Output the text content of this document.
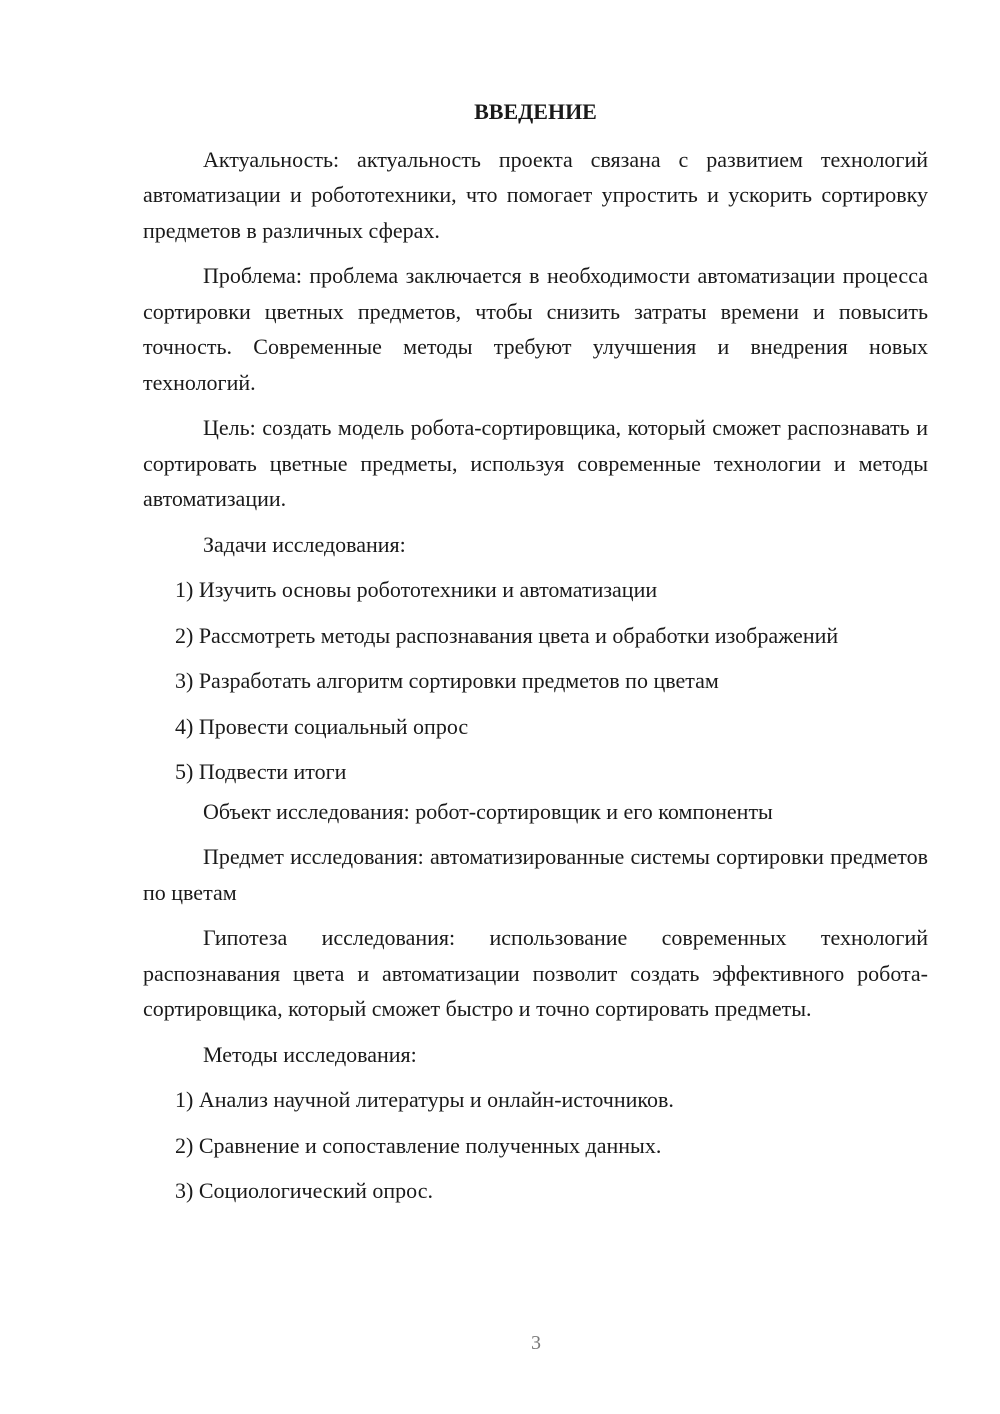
ВВЕДЕНИЕ

Актуальность: актуальность проекта связана с развитием технологий автоматизации и робототехники, что помогает упростить и ускорить сортировку предметов в различных сферах.

Проблема: проблема заключается в необходимости автоматизации процесса сортировки цветных предметов, чтобы снизить затраты времени и повысить точность. Современные методы требуют улучшения и внедрения новых технологий.

Цель: создать модель робота-сортировщика, который сможет распознавать и сортировать цветные предметы, используя современные технологии и методы автоматизации.

Задачи исследования:

1) Изучить основы робототехники и автоматизации

2) Рассмотреть методы распознавания цвета и обработки изображений

3) Разработать алгоритм сортировки предметов по цветам

4) Провести социальный опрос

5) Подвести итоги

Объект исследования: робот-сортировщик и его компоненты

Предмет исследования: автоматизированные системы сортировки предметов по цветам

Гипотеза исследования: использование современных технологий распознавания цвета и автоматизации позволит создать эффективного робота-сортировщика, который сможет быстро и точно сортировать предметы.

Методы исследования:

1) Анализ научной литературы и онлайн-источников.

2) Сравнение и сопоставление полученных данных.

3) Социологический опрос.

3
